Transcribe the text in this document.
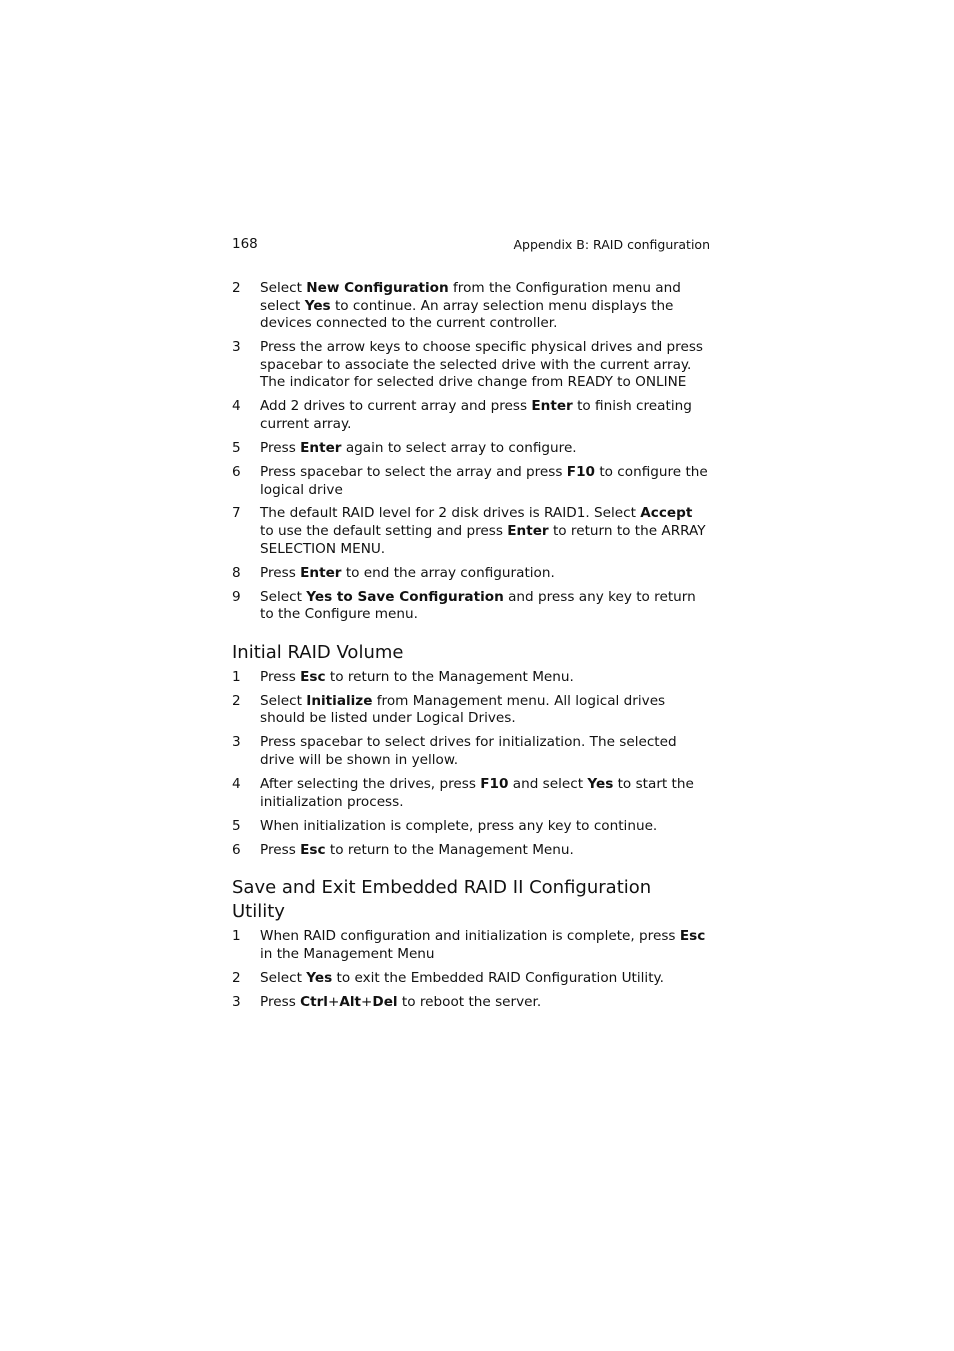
168	Appendix B: RAID configuration
2	Select New Configuration from the Configuration menu and select Yes to continue. An array selection menu displays the devices connected to the current controller.
3	Press the arrow keys to choose specific physical drives and press spacebar to associate the selected drive with the current array. The indicator for selected drive change from READY to ONLINE
4	Add 2 drives to current array and press Enter to finish creating current array.
5	Press Enter again to select array to configure.
6	Press spacebar to select the array and press F10 to configure the logical drive
7	The default RAID level for 2 disk drives is RAID1. Select Accept to use the default setting and press Enter to return to the ARRAY SELECTION MENU.
8	Press Enter to end the array configuration.
9	Select Yes to Save Configuration and press any key to return to the Configure menu.
Initial RAID Volume
1	Press Esc to return to the Management Menu.
2	Select Initialize from Management menu. All logical drives should be listed under Logical Drives.
3	Press spacebar to select drives for initialization. The selected drive will be shown in yellow.
4	After selecting the drives, press F10 and select Yes to start the initialization process.
5	When initialization is complete, press any key to continue.
6	Press Esc to return to the Management Menu.
Save and Exit Embedded RAID II Configuration Utility
1	When RAID configuration and initialization is complete, press Esc in the Management Menu
2	Select Yes to exit the Embedded RAID Configuration Utility.
3	Press Ctrl+Alt+Del to reboot the server.
